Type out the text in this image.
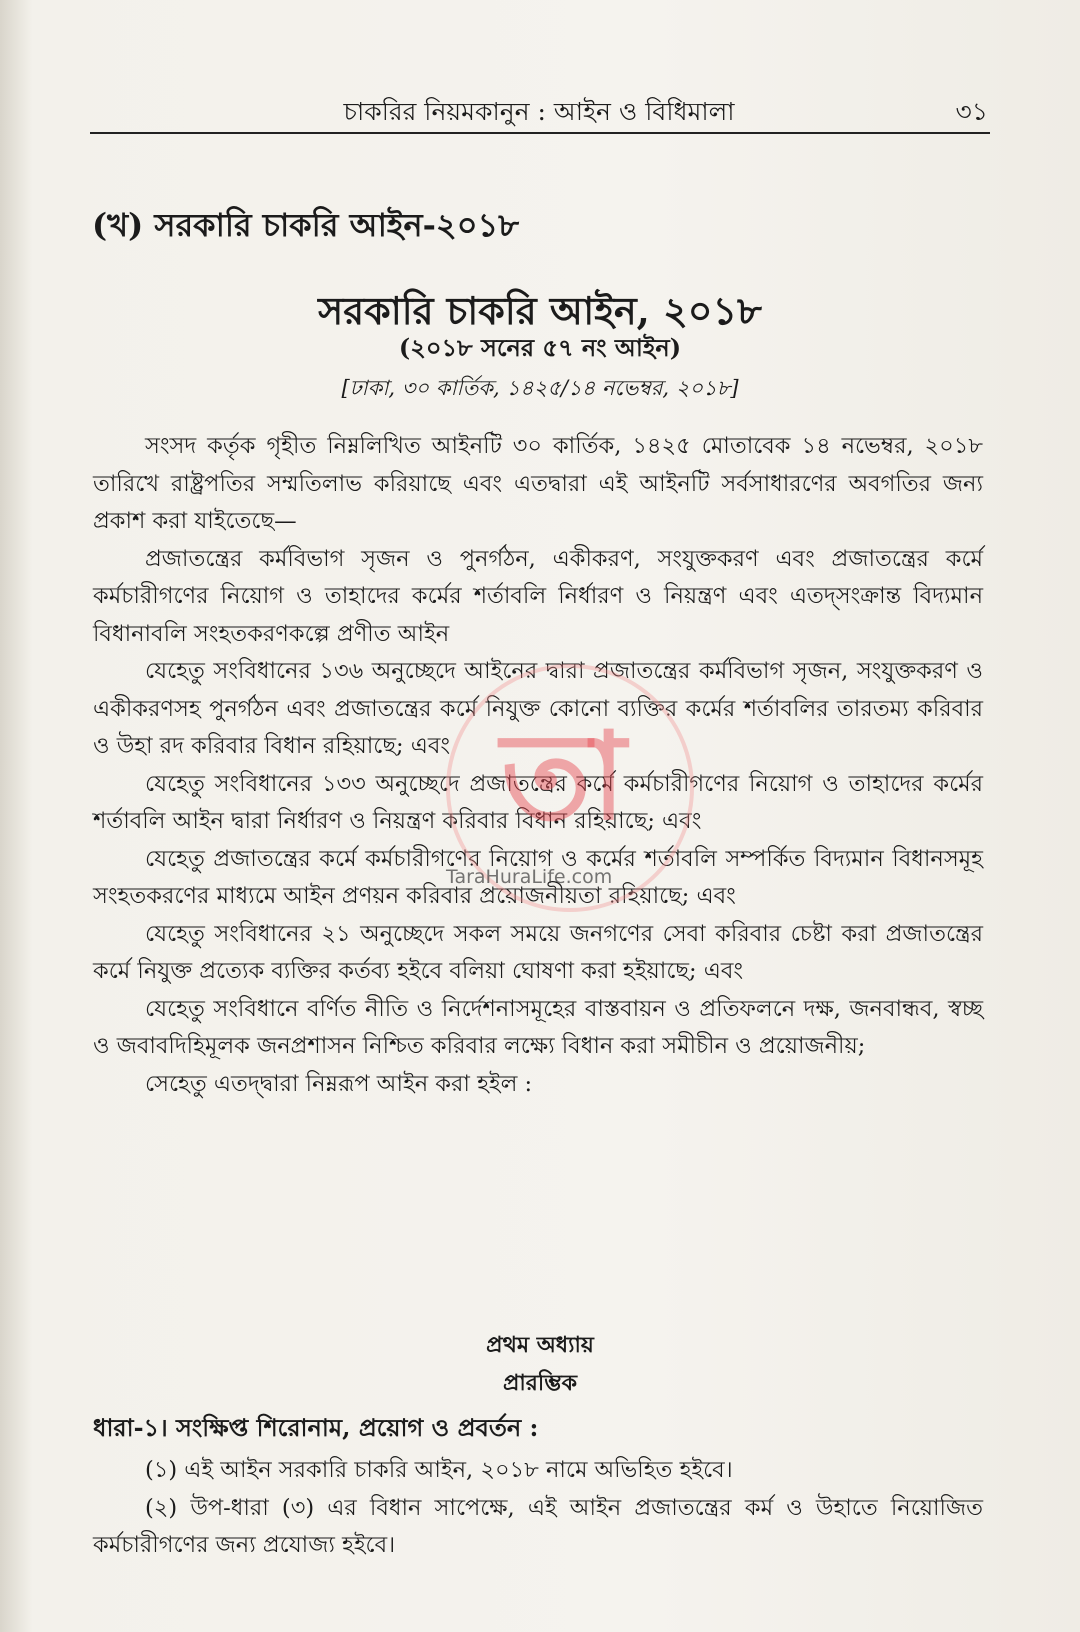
চাকরির নিয়মকানুন : আইন ও বিধিমালা	৩১
(খ) সরকারি চাকরি আইন-২০১৮
সরকারি চাকরি আইন, ২০১৮
(২০১৮ সনের ৫৭ নং আইন)
[ঢাকা, ৩০ কার্তিক, ১৪২৫/১৪ নভেম্বর, ২০১৮]

সংসদ কর্তৃক গৃহীত নিম্নলিখিত আইনটি ৩০ কার্তিক, ১৪২৫ মোতাবেক ১৪ নভেম্বর, ২০১৮ তারিখে রাষ্ট্রপতির সম্মতিলাভ করিয়াছে এবং এতদ্বারা এই আইনটি সর্বসাধারণের অবগতির জন্য প্রকাশ করা যাইতেছে—

প্রজাতন্ত্রের কর্মবিভাগ সৃজন ও পুনর্গঠন, একীকরণ, সংযুক্তকরণ এবং প্রজাতন্ত্রের কর্মে কর্মচারীগণের নিয়োগ ও তাহাদের কর্মের শর্তাবলি নির্ধারণ ও নিয়ন্ত্রণ এবং এতদ্‌সংক্রান্ত বিদ্যমান বিধানাবলি সংহতকরণকল্পে প্রণীত আইন

যেহেতু সংবিধানের ১৩৬ অনুচ্ছেদে আইনের দ্বারা প্রজাতন্ত্রের কর্মবিভাগ সৃজন, সংযুক্তকরণ ও একীকরণসহ পুনর্গঠন এবং প্রজাতন্ত্রের কর্মে নিযুক্ত কোনো ব্যক্তির কর্মের শর্তাবলির তারতম্য করিবার ও উহা রদ করিবার বিধান রহিয়াছে; এবং

যেহেতু সংবিধানের ১৩৩ অনুচ্ছেদে প্রজাতন্ত্রের কর্মে কর্মচারীগণের নিয়োগ ও তাহাদের কর্মের শর্তাবলি আইন দ্বারা নির্ধারণ ও নিয়ন্ত্রণ করিবার বিধান রহিয়াছে; এবং

যেহেতু প্রজাতন্ত্রের কর্মে কর্মচারীগণের নিয়োগ ও কর্মের শর্তাবলি সম্পর্কিত বিদ্যমান বিধানসমূহ সংহতকরণের মাধ্যমে আইন প্রণয়ন করিবার প্রয়োজনীয়তা রহিয়াছে; এবং

যেহেতু সংবিধানের ২১ অনুচ্ছেদে সকল সময়ে জনগণের সেবা করিবার চেষ্টা করা প্রজাতন্ত্রের কর্মে নিযুক্ত প্রত্যেক ব্যক্তির কর্তব্য হইবে বলিয়া ঘোষণা করা হইয়াছে; এবং

যেহেতু সংবিধানে বর্ণিত নীতি ও নির্দেশনাসমূহের বাস্তবায়ন ও প্রতিফলনে দক্ষ, জনবান্ধব, স্বচ্ছ ও জবাবদিহিমূলক জনপ্রশাসন নিশ্চিত করিবার লক্ষ্যে বিধান করা সমীচীন ও প্রয়োজনীয়;

সেহেতু এতদ্দ্বারা নিম্নরূপ আইন করা হইল :

প্রথম অধ্যায়
প্রারম্ভিক
ধারা-১। সংক্ষিপ্ত শিরোনাম, প্রয়োগ ও প্রবর্তন :

(১) এই আইন সরকারি চাকরি আইন, ২০১৮ নামে অভিহিত হইবে।

(২) উপ-ধারা (৩) এর বিধান সাপেক্ষে, এই আইন প্রজাতন্ত্রের কর্ম ও উহাতে নিয়োজিত কর্মচারীগণের জন্য প্রযোজ্য হইবে।

তা
TaraHuraLife.com
